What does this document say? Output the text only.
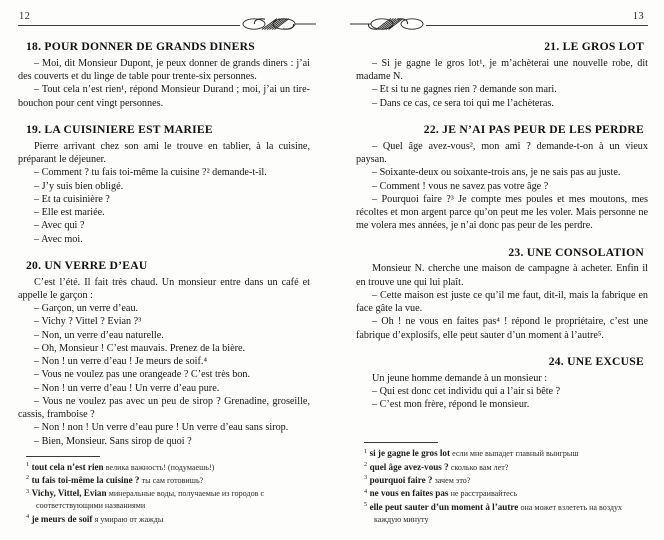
12
18. POUR DONNER DE GRANDS DINERS

– Moi, dit Monsieur Dupont, je peux donner de grands diners : j’ai des couverts et du linge de table pour trente-six personnes.

– Tout cela n’est rien¹, répond Monsieur Durand ; moi, j’ai un tire-bouchon pour cent vingt personnes.

19. LA CUISINIERE EST MARIEE

Pierre arrivant chez son ami le trouve en tablier, à la cuisine, préparant le déjeuner.

– Comment ? tu fais toi-même la cuisine ?² demande-t-il.

– J’y suis bien obligé.

– Et ta cuisinière ?

– Elle est mariée.

– Avec qui ?

– Avec moi.

20. UN VERRE D’EAU

C’est l’été. Il fait très chaud. Un monsieur entre dans un café et appelle le garçon :

– Garçon, un verre d’eau.

– Vichy ? Vittel ? Evian ?³

– Non, un verre d’eau naturelle.

– Oh, Monsieur ! C’est mauvais. Prenez de la bière.

– Non ! un verre d’eau ! Je meurs de soif.⁴

– Vous ne voulez pas une orangeade ? C’est très bon.

– Non ! un verre d’eau ! Un verre d’eau pure.

– Vous ne voulez pas avec un peu de sirop ? Grenadine, groseille, cassis, framboise ?

– Non ! non ! Un verre d’eau pure ! Un verre d’eau sans sirop.

– Bien, Monsieur. Sans sirop de quoi ?

$^1$ tout cela n’est rien велика важность! (подумаешь!)

$^2$ tu fais toi-même la cuisine ? ты сам готовишь?

$^3$ Vichy, Vittel, Evian минеральные воды, получаемые из городов с соответствующими названиями

$^4$ je meurs de soif я умираю от жажды

13
21. LE GROS LOT

– Si je gagne le gros lot¹, je m’achèterai une nouvelle robe, dit madame N.

– Et si tu ne gagnes rien ? demande son mari.

– Dans ce cas, ce sera toi qui me l’achèteras.

22. JE N’AI PAS PEUR DE LES PERDRE

– Quel âge avez-vous², mon ami ? demande-t-on à un vieux paysan.

– Soixante-deux ou soixante-trois ans, je ne sais pas au juste.

– Comment ! vous ne savez pas votre âge ?

– Pourquoi faire ?³ Je compte mes poules et mes moutons, mes récoltes et mon argent parce qu’on peut me les voler. Mais personne ne me volera mes années, je n’ai donc pas peur de les perdre.

23. UNE CONSOLATION

Monsieur N. cherche une maison de campagne à acheter. Enfin il en trouve une qui lui plaît.

– Cette maison est juste ce qu’il me faut, dit-il, mais la fabrique en face gâte la vue.

– Oh ! ne vous en faites pas⁴ ! répond le propriétaire, c’est une fabrique d’explosifs, elle peut sauter d’un moment à l’autre⁵.

24. UNE EXCUSE

Un jeune homme demande à un monsieur :

– Qui est donc cet individu qui a l’air si bête ?

– C’est mon frère, répond le monsieur.

$^1$ si je gagne le gros lot если мне выпадет главный выигрыш

$^2$ quel âge avez-vous ? сколько вам лет?

$^3$ pourquoi faire ? зачем это?

$^4$ ne vous en faites pas не расстраивайтесь

$^5$ elle peut sauter d’un moment à l’autre она может взлететь на воздух каждую минуту
